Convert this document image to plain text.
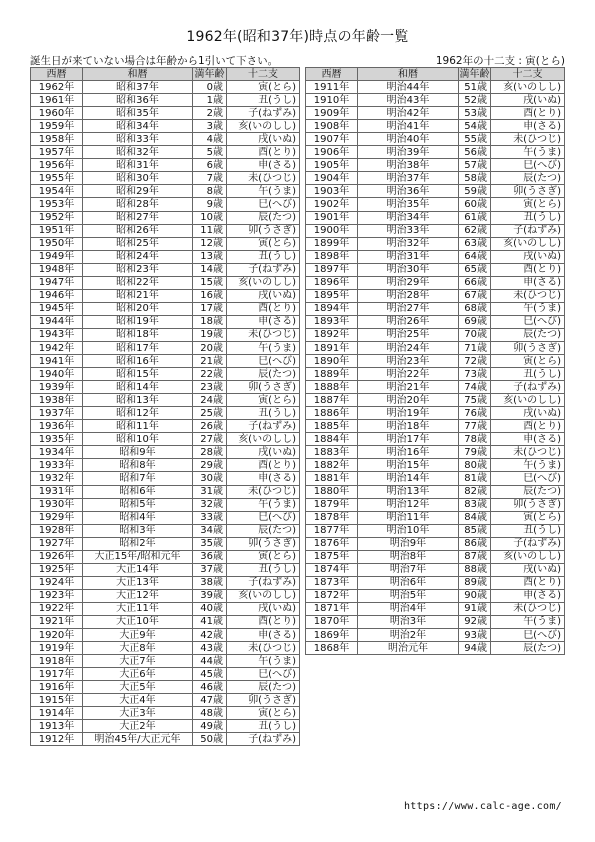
1962年(昭和37年)時点の年齢一覧
誕生日が来ていない場合は年齢から1引いて下さい。	1962年の十二支 : 寅(とら)
西暦	和暦	満年齢	十二支
1962年	昭和37年	0歳	寅(とら)
1961年	昭和36年	1歳	丑(うし)
1960年	昭和35年	2歳	子(ねずみ)
1959年	昭和34年	3歳	亥(いのしし)
1958年	昭和33年	4歳	戌(いぬ)
1957年	昭和32年	5歳	酉(とり)
1956年	昭和31年	6歳	申(さる)
1955年	昭和30年	7歳	未(ひつじ)
1954年	昭和29年	8歳	午(うま)
1953年	昭和28年	9歳	巳(へび)
1952年	昭和27年	10歳	辰(たつ)
1951年	昭和26年	11歳	卯(うさぎ)
1950年	昭和25年	12歳	寅(とら)
1949年	昭和24年	13歳	丑(うし)
1948年	昭和23年	14歳	子(ねずみ)
1947年	昭和22年	15歳	亥(いのしし)
1946年	昭和21年	16歳	戌(いぬ)
1945年	昭和20年	17歳	酉(とり)
1944年	昭和19年	18歳	申(さる)
1943年	昭和18年	19歳	未(ひつじ)
1942年	昭和17年	20歳	午(うま)
1941年	昭和16年	21歳	巳(へび)
1940年	昭和15年	22歳	辰(たつ)
1939年	昭和14年	23歳	卯(うさぎ)
1938年	昭和13年	24歳	寅(とら)
1937年	昭和12年	25歳	丑(うし)
1936年	昭和11年	26歳	子(ねずみ)
1935年	昭和10年	27歳	亥(いのしし)
1934年	昭和9年	28歳	戌(いぬ)
1933年	昭和8年	29歳	酉(とり)
1932年	昭和7年	30歳	申(さる)
1931年	昭和6年	31歳	未(ひつじ)
1930年	昭和5年	32歳	午(うま)
1929年	昭和4年	33歳	巳(へび)
1928年	昭和3年	34歳	辰(たつ)
1927年	昭和2年	35歳	卯(うさぎ)
1926年	大正15年/昭和元年	36歳	寅(とら)
1925年	大正14年	37歳	丑(うし)
1924年	大正13年	38歳	子(ねずみ)
1923年	大正12年	39歳	亥(いのしし)
1922年	大正11年	40歳	戌(いぬ)
1921年	大正10年	41歳	酉(とり)
1920年	大正9年	42歳	申(さる)
1919年	大正8年	43歳	未(ひつじ)
1918年	大正7年	44歳	午(うま)
1917年	大正6年	45歳	巳(へび)
1916年	大正5年	46歳	辰(たつ)
1915年	大正4年	47歳	卯(うさぎ)
1914年	大正3年	48歳	寅(とら)
1913年	大正2年	49歳	丑(うし)
1912年	明治45年/大正元年	50歳	子(ねずみ)
西暦	和暦	満年齢	十二支
1911年	明治44年	51歳	亥(いのしし)
1910年	明治43年	52歳	戌(いぬ)
1909年	明治42年	53歳	酉(とり)
1908年	明治41年	54歳	申(さる)
1907年	明治40年	55歳	未(ひつじ)
1906年	明治39年	56歳	午(うま)
1905年	明治38年	57歳	巳(へび)
1904年	明治37年	58歳	辰(たつ)
1903年	明治36年	59歳	卯(うさぎ)
1902年	明治35年	60歳	寅(とら)
1901年	明治34年	61歳	丑(うし)
1900年	明治33年	62歳	子(ねずみ)
1899年	明治32年	63歳	亥(いのしし)
1898年	明治31年	64歳	戌(いぬ)
1897年	明治30年	65歳	酉(とり)
1896年	明治29年	66歳	申(さる)
1895年	明治28年	67歳	未(ひつじ)
1894年	明治27年	68歳	午(うま)
1893年	明治26年	69歳	巳(へび)
1892年	明治25年	70歳	辰(たつ)
1891年	明治24年	71歳	卯(うさぎ)
1890年	明治23年	72歳	寅(とら)
1889年	明治22年	73歳	丑(うし)
1888年	明治21年	74歳	子(ねずみ)
1887年	明治20年	75歳	亥(いのしし)
1886年	明治19年	76歳	戌(いぬ)
1885年	明治18年	77歳	酉(とり)
1884年	明治17年	78歳	申(さる)
1883年	明治16年	79歳	未(ひつじ)
1882年	明治15年	80歳	午(うま)
1881年	明治14年	81歳	巳(へび)
1880年	明治13年	82歳	辰(たつ)
1879年	明治12年	83歳	卯(うさぎ)
1878年	明治11年	84歳	寅(とら)
1877年	明治10年	85歳	丑(うし)
1876年	明治9年	86歳	子(ねずみ)
1875年	明治8年	87歳	亥(いのしし)
1874年	明治7年	88歳	戌(いぬ)
1873年	明治6年	89歳	酉(とり)
1872年	明治5年	90歳	申(さる)
1871年	明治4年	91歳	未(ひつじ)
1870年	明治3年	92歳	午(うま)
1869年	明治2年	93歳	巳(へび)
1868年	明治元年	94歳	辰(たつ)
https://www.calc-age.com/
